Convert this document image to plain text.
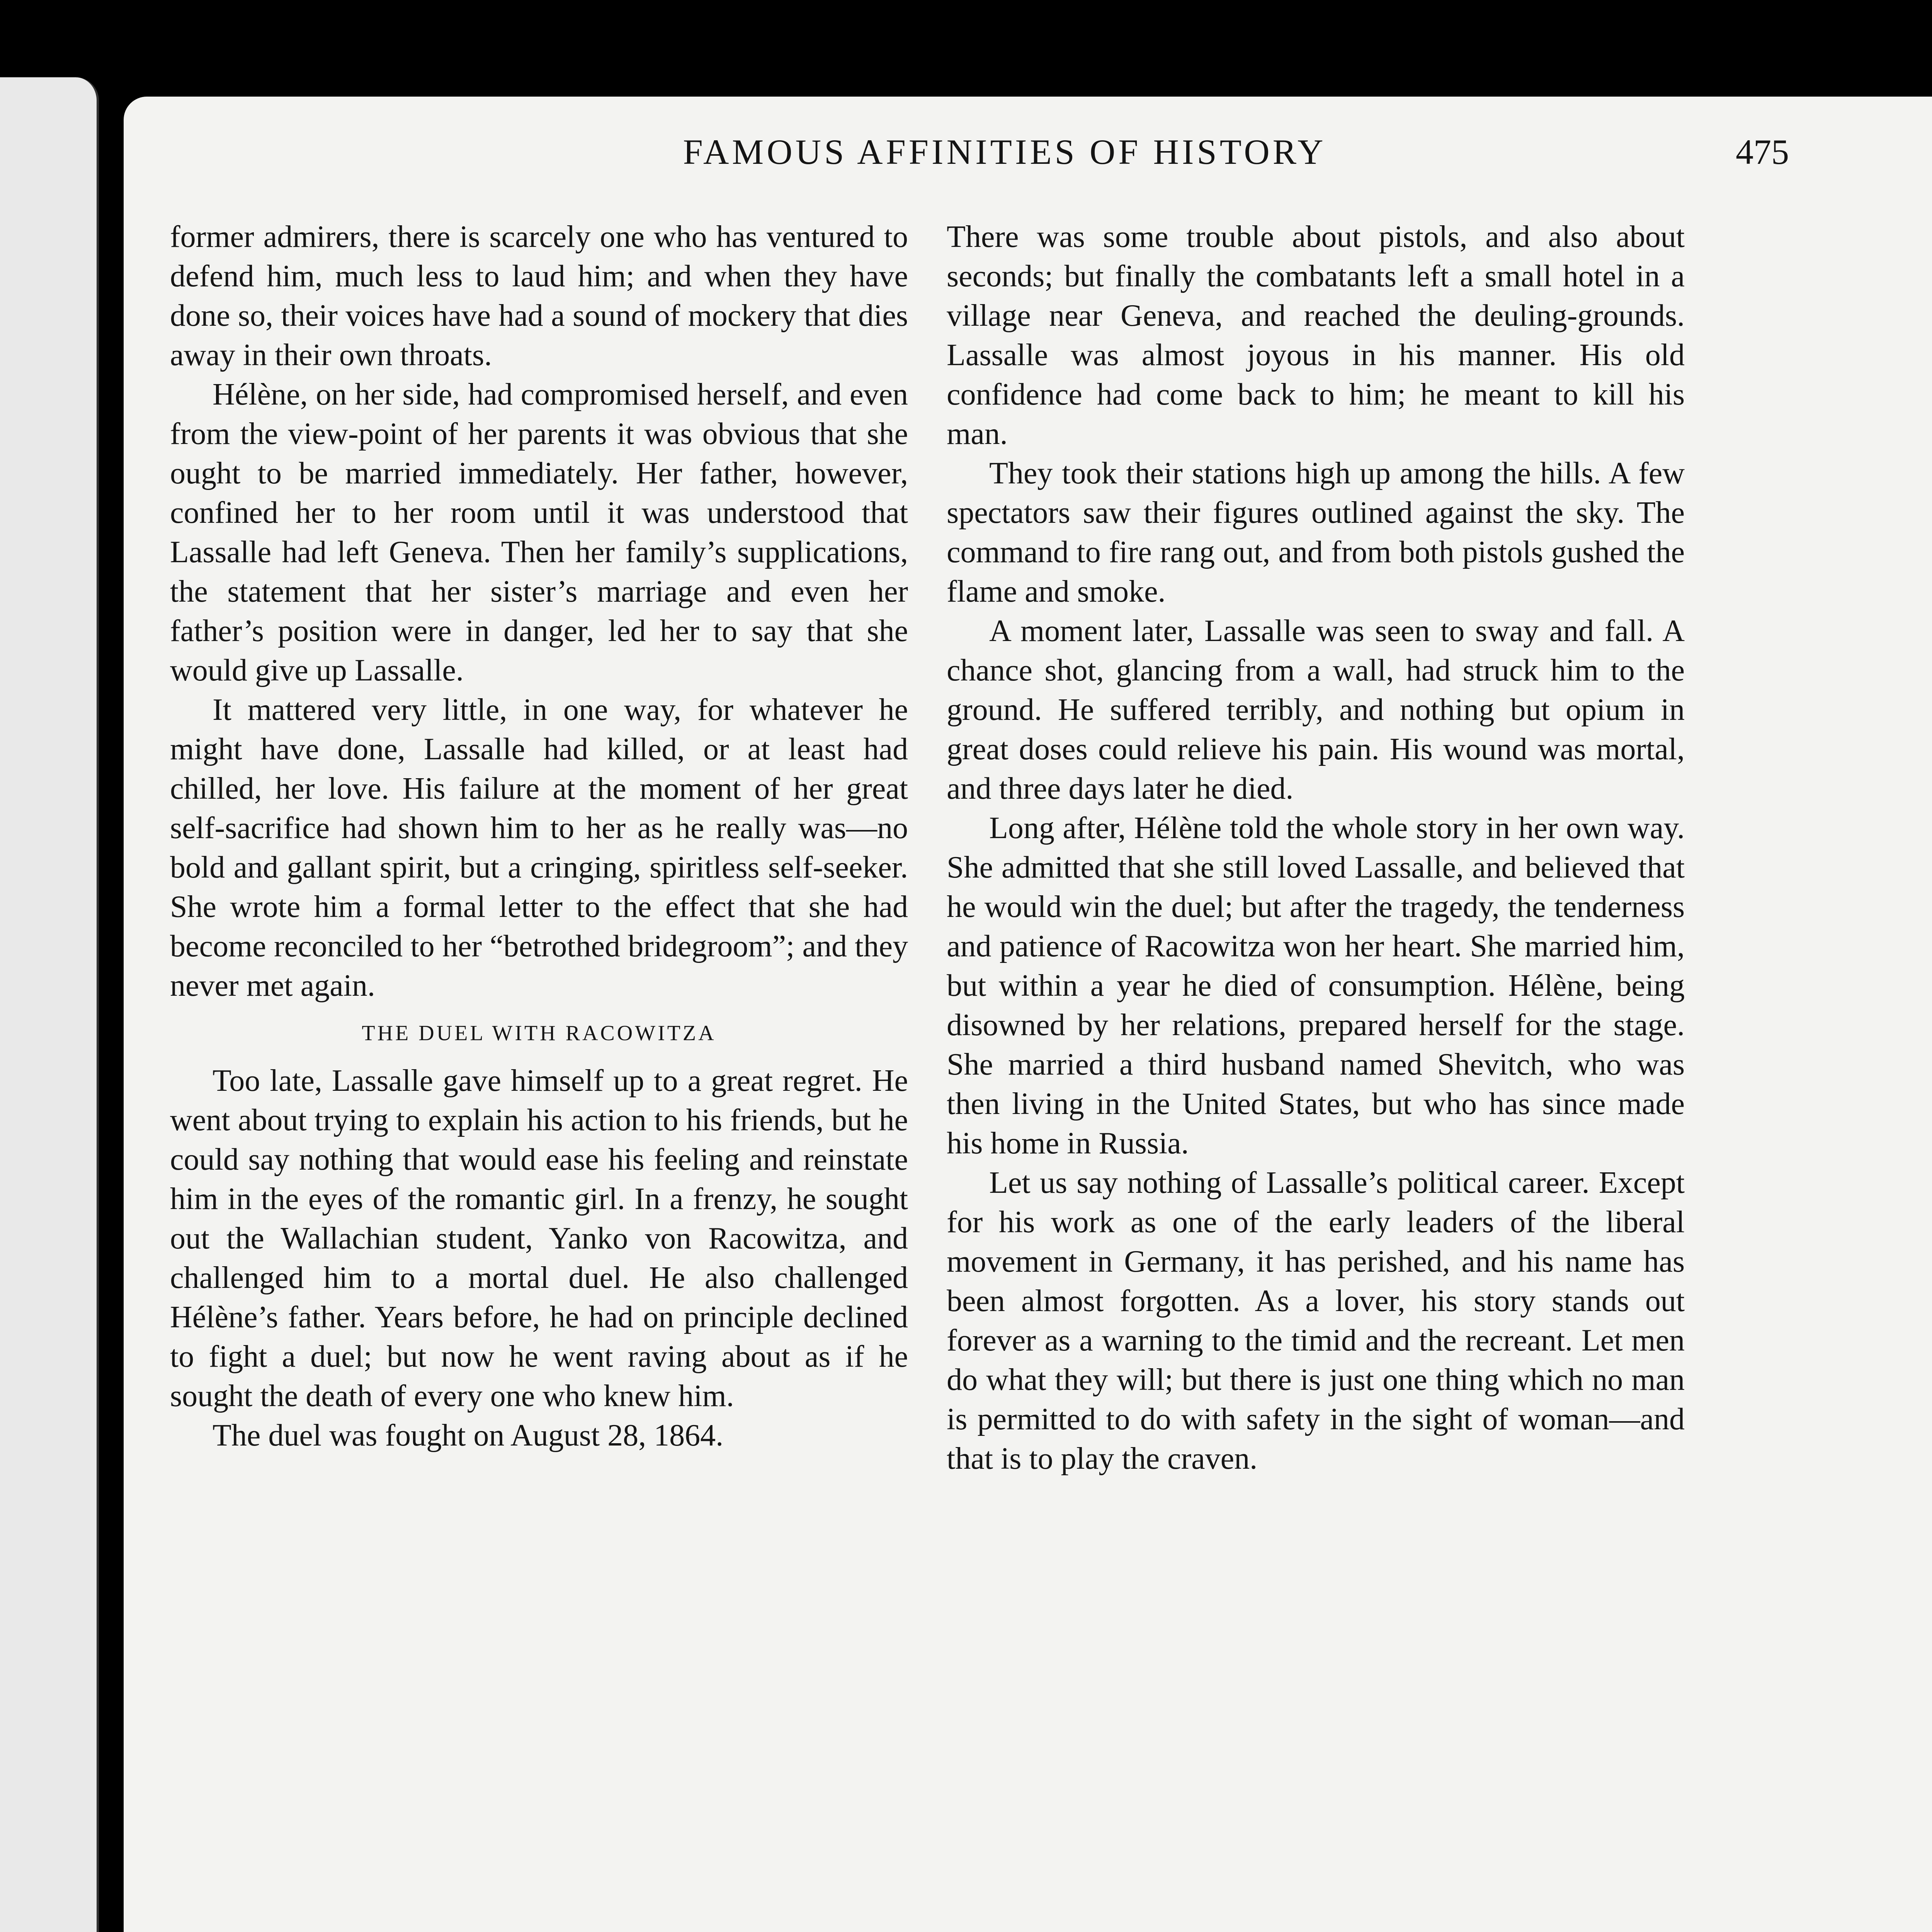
FAMOUS AFFINITIES OF HISTORY	475

former admirers, there is scarcely one who has ventured to defend him, much less to laud him; and when they have done so, their voices have had a sound of mockery that dies away in their own throats.

Hélène, on her side, had compromised herself, and even from the view-point of her parents it was obvious that she ought to be married immediately. Her father, however, confined her to her room until it was understood that Lassalle had left Geneva. Then her family’s supplications, the statement that her sister’s marriage and even her father’s position were in danger, led her to say that she would give up Lassalle.

It mattered very little, in one way, for whatever he might have done, Lassalle had killed, or at least had chilled, her love. His failure at the moment of her great self-sacrifice had shown him to her as he really was—no bold and gallant spirit, but a cringing, spiritless self-seeker. She wrote him a formal letter to the effect that she had become reconciled to her “betrothed bridegroom”; and they never met again.

THE DUEL WITH RACOWITZA

Too late, Lassalle gave himself up to a great regret. He went about trying to explain his action to his friends, but he could say nothing that would ease his feeling and reinstate him in the eyes of the romantic girl. In a frenzy, he sought out the Wallachian student, Yanko von Racowitza, and challenged him to a mortal duel. He also challenged Hélène’s father. Years before, he had on principle declined to fight a duel; but now he went raving about as if he sought the death of every one who knew him.

The duel was fought on August 28, 1864.

There was some trouble about pistols, and also about seconds; but finally the combatants left a small hotel in a village near Geneva, and reached the deuling-grounds. Lassalle was almost joyous in his manner. His old confidence had come back to him; he meant to kill his man.

They took their stations high up among the hills. A few spectators saw their figures outlined against the sky. The command to fire rang out, and from both pistols gushed the flame and smoke.

A moment later, Lassalle was seen to sway and fall. A chance shot, glancing from a wall, had struck him to the ground. He suffered terribly, and nothing but opium in great doses could relieve his pain. His wound was mortal, and three days later he died.

Long after, Hélène told the whole story in her own way. She admitted that she still loved Lassalle, and believed that he would win the duel; but after the tragedy, the tenderness and patience of Racowitza won her heart. She married him, but within a year he died of consumption. Hélène, being disowned by her relations, prepared herself for the stage. She married a third husband named Shevitch, who was then living in the United States, but who has since made his home in Russia.

Let us say nothing of Lassalle’s political career. Except for his work as one of the early leaders of the liberal movement in Germany, it has perished, and his name has been almost forgotten. As a lover, his story stands out forever as a warning to the timid and the recreant. Let men do what they will; but there is just one thing which no man is permitted to do with safety in the sight of woman—and that is to play the craven.
